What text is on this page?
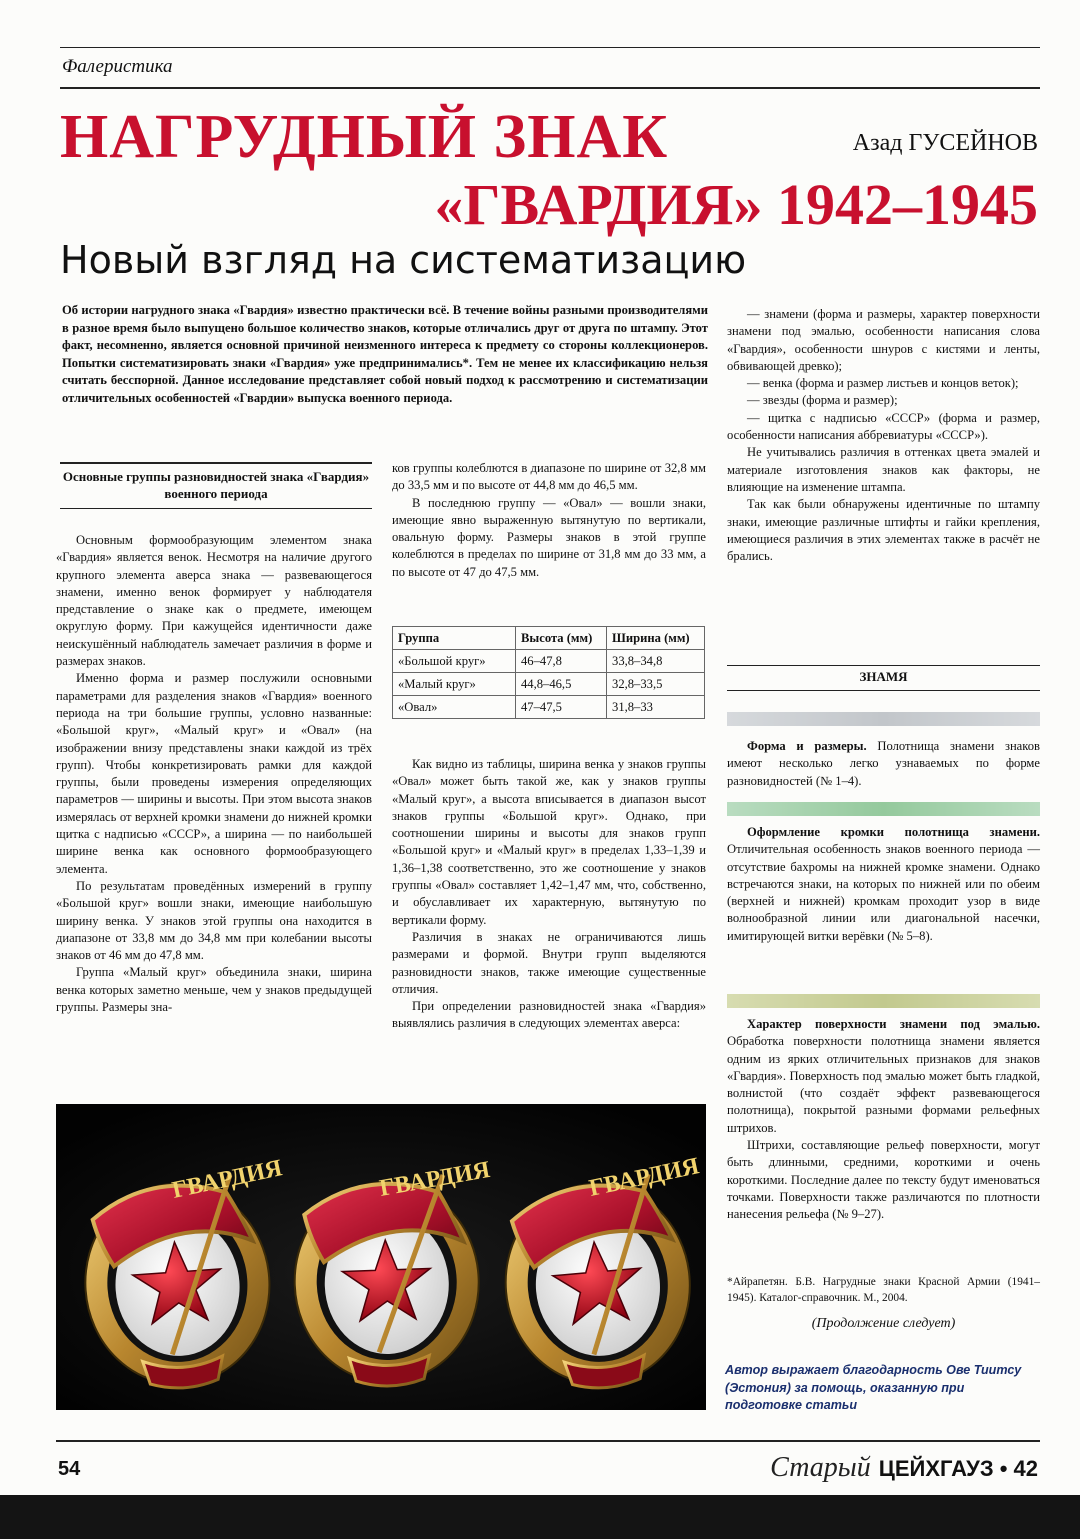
Фалеристика
НАГРУДНЫЙ ЗНАК	Азад ГУСЕЙНОВ
«ГВАРДИЯ» 1942–1945
Новый взгляд на систематизацию

Об истории нагрудного знака «Гвардия» известно практически всё. В течение войны разными производителями в разное время было выпущено большое количество знаков, которые отличались друг от друга по штампу. Этот факт, несомненно, является основной причиной неизменного интереса к предмету со стороны коллекционеров. Попытки систематизировать знаки «Гвардия» уже предпринимались*. Тем не менее их классификацию нельзя считать бесспорной. Данное исследование представляет собой новый подход к рассмотрению и систематизации отличительных особенностей «Гвардии» выпуска военного периода.

Основные группы разновидностей знака «Гвардия» военного периода

Основным формообразующим элементом знака «Гвардия» является венок. Несмотря на наличие другого крупного элемента аверса знака — развевающегося знамени, именно венок формирует у наблюдателя представление о знаке как о предмете, имеющем округлую форму. При кажущейся идентичности даже неискушённый наблюдатель замечает различия в форме и размерах знаков.

Именно форма и размер послужили основными параметрами для разделения знаков «Гвардия» военного периода на три большие группы, условно названные: «Большой круг», «Малый круг» и «Овал» (на изображении внизу представлены знаки каждой из трёх групп). Чтобы конкретизировать рамки для каждой группы, были проведены измерения определяющих параметров — ширины и высоты. При этом высота знаков измерялась от верхней кромки знамени до нижней кромки щитка с надписью «СССР», а ширина — по наибольшей ширине венка как основного формообразующего элемента.

По результатам проведённых измерений в группу «Большой круг» вошли знаки, имеющие наибольшую ширину венка. У знаков этой группы она находится в диапазоне от 33,8 мм до 34,8 мм при колебании высоты знаков от 46 мм до 47,8 мм.

Группа «Малый круг» объединила знаки, ширина венка которых заметно меньше, чем у знаков предыдущей группы. Размеры зна-

ков группы колеблются в диапазоне по ширине от 32,8 мм до 33,5 мм и по высоте от 44,8 мм до 46,5 мм.

В последнюю группу — «Овал» — вошли знаки, имеющие явно выраженную вытянутую по вертикали, овальную форму. Размеры знаков в этой группе колеблются в пределах по ширине от 31,8 мм до 33 мм, а по высоте от 47 до 47,5 мм.

Группа	Высота (мм)	Ширина (мм)
«Большой круг»	46–47,8	33,8–34,8
«Малый круг»	44,8–46,5	32,8–33,5
«Овал»	47–47,5	31,8–33

Как видно из таблицы, ширина венка у знаков группы «Овал» может быть такой же, как у знаков группы «Малый круг», а высота вписывается в диапазон высот знаков группы «Большой круг». Однако, при соотношении ширины и высоты для знаков групп «Большой круг» и «Малый круг» в пределах 1,33–1,39 и 1,36–1,38 соответственно, это же соотношение у знаков группы «Овал» составляет 1,42–1,47 мм, что, собственно, и обуславливает их характерную, вытянутую по вертикали форму.

Различия в знаках не ограничиваются лишь размерами и формой. Внутри групп выделяются разновидности знаков, также имеющие существенные отличия.

При определении разновидностей знака «Гвардия» выявлялись различия в следующих элементах аверса:

— знамени (форма и размеры, характер поверхности знамени под эмалью, особенности написания слова «Гвардия», особенности шнуров с кистями и ленты, обвивающей древко);

— венка (форма и размер листьев и концов веток);

— звезды (форма и размер);

— щитка с надписью «СССР» (форма и размер, особенности написания аббревиатуры «СССР»).

Не учитывались различия в оттенках цвета эмалей и материале изготовления знаков как факторы, не влияющие на изменение штампа.

Так как были обнаружены идентичные по штампу знаки, имеющие различные штифты и гайки крепления, имеющиеся различия в этих элементах также в расчёт не брались.

ЗНАМЯ

Форма и размеры. Полотнища знамени знаков имеют несколько легко узнаваемых по форме разновидностей (№ 1–4).

Оформление кромки полотнища знамени. Отличительная особенность знаков военного периода — отсутствие бахромы на нижней кромке знамени. Однако встречаются знаки, на которых по нижней или по обеим (верхней и нижней) кромкам проходит узор в виде волнообразной линии или диагональной насечки, имитирующей витки верёвки (№ 5–8).

Характер поверхности знамени под эмалью. Обработка поверхности полотнища знамени является одним из ярких отличительных признаков для знаков «Гвардия». Поверхность под эмалью может быть гладкой, волнистой (что создаёт эффект развевающегося полотнища), покрытой разными формами рельефных штрихов.

Штрихи, составляющие рельеф поверхности, могут быть длинными, средними, короткими и очень короткими. Последние далее по тексту будут именоваться точками. Поверхности также различаются по плотности нанесения рельефа (№ 9–27).

*Айрапетян. Б.В. Нагрудные знаки Красной Армии (1941–1945). Каталог-справочник. М., 2004.
(Продолжение следует)
ГВАРДИЯ	ГВАРДИЯ	ГВАРДИЯ
Автор выражает благодарность Ове Тиитсу (Эстония) за помощь, оказанную при подготовке статьи
54	Старый ЦЕЙХГАУЗ • 42
